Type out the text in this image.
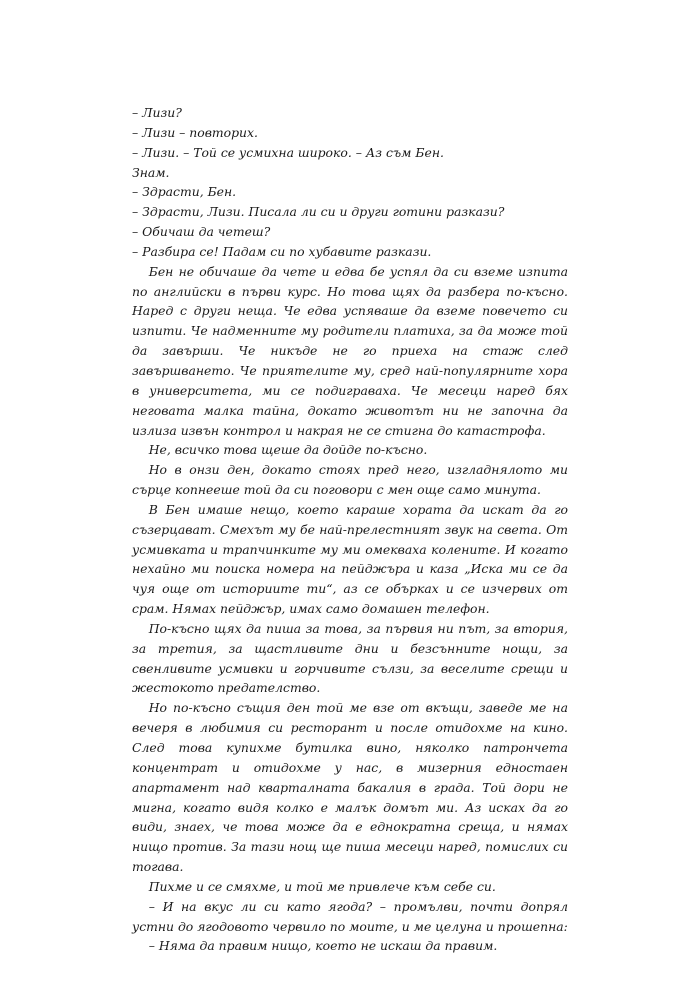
– Лизи?

– Лизи – повторих.

– Лизи. – Той се усмихна широко. – Аз съм Бен.

Знам.

– Здрасти, Бен.

– Здрасти, Лизи. Писала ли си и други готини разкази?

– Обичаш да четеш?

– Разбира се! Падам си по хубавите разкази.

Бен не обичаше да чете и едва бе успял да си вземе изпита по английски в първи курс. Но това щях да разбера по-късно. Наред с други неща. Че едва успяваше да вземе повечето си изпити. Че надменните му родители платиха, за да може той да завърши. Че никъде не го приеха на стаж след завършването. Че приятелите му, сред най-популярните хора в университета, ми се подиграваха. Че месеци наред бях неговата малка тайна, докато животът ни не започна да излиза извън контрол и накрая не се стигна до катастрофа.

Не, всичко това щеше да дойде по-късно.

Но в онзи ден, докато стоях пред него, изгладнялото ми сърце копнееше той да си поговори с мен още само минута.

В Бен имаше нещо, което караше хората да искат да го съзерцават. Смехът му бе най-прелестният звук на света. От усмивката и трапчинките му ми омекваха колените. И когато нехайно ми поиска номера на пейджъра и каза „Иска ми се да чуя още от историите ти“, аз се обърках и се изчервих от срам. Нямах пейджър, имах само домашен телефон.

По-късно щях да пиша за това, за първия ни път, за втория, за третия, за щастливите дни и безсънните нощи, за свенливите усмивки и горчивите сълзи, за веселите срещи и жестокото предателство.

Но по-късно същия ден той ме взе от вкъщи, заведе ме на вечеря в любимия си ресторант и после отидохме на кино. След това купихме бутилка вино, няколко патрончета концентрат и отидохме у нас, в мизерния едностаен апартамент над кварталната бакалия в града. Той дори не мигна, когато видя колко е малък домът ми. Аз исках да го види, знаех, че това може да е еднократна среща, и нямах нищо против. За тази нощ ще пиша месеци наред, помислих си тогава.

Пихме и се смяхме, и той ме привлече към себе си.

– И на вкус ли си като ягода? – промълви, почти допрял устни до ягодовото червило по моите, и ме целуна и прошепна:

– Няма да правим нищо, което не искаш да правим.
